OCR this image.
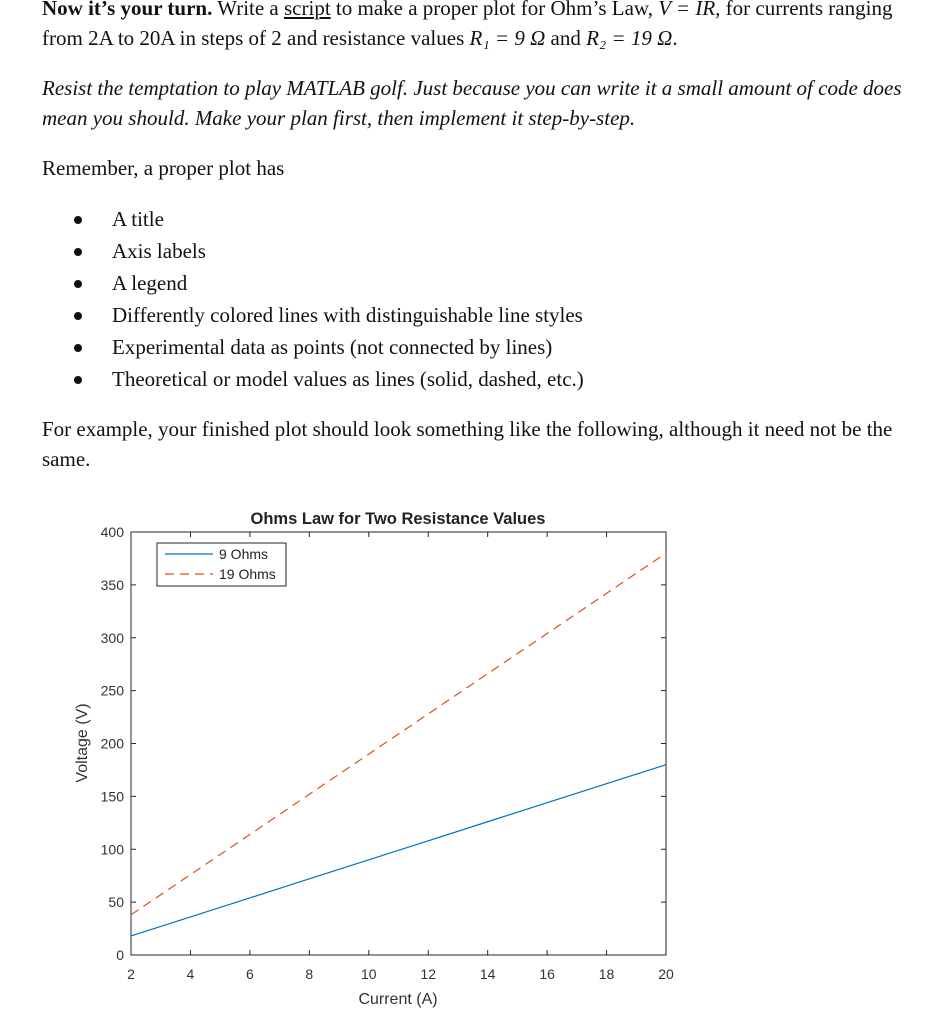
Now it’s your turn. Write a script to make a proper plot for Ohm’s Law, V = IR, for currents ranging from 2A to 20A in steps of 2 and resistance values R₁ = 9 Ω and R₂ = 19 Ω.

Resist the temptation to play MATLAB golf. Just because you can write it a small amount of code does mean you should. Make your plan first, then implement it step-by-step.

Remember, a proper plot has

A title
Axis labels
A legend
Differently colored lines with distinguishable line styles
Experimental data as points (not connected by lines)
Theoretical or model values as lines (solid, dashed, etc.)

For example, your finished plot should look something like the following, although it need not be the same.

2	4	6	8	10	12	14	16	18	20
0
50
100
150
200
250
300
350
400
9 Ohms
19 Ohms
Ohms Law for Two Resistance Values
Current (A)
Voltage (V)
